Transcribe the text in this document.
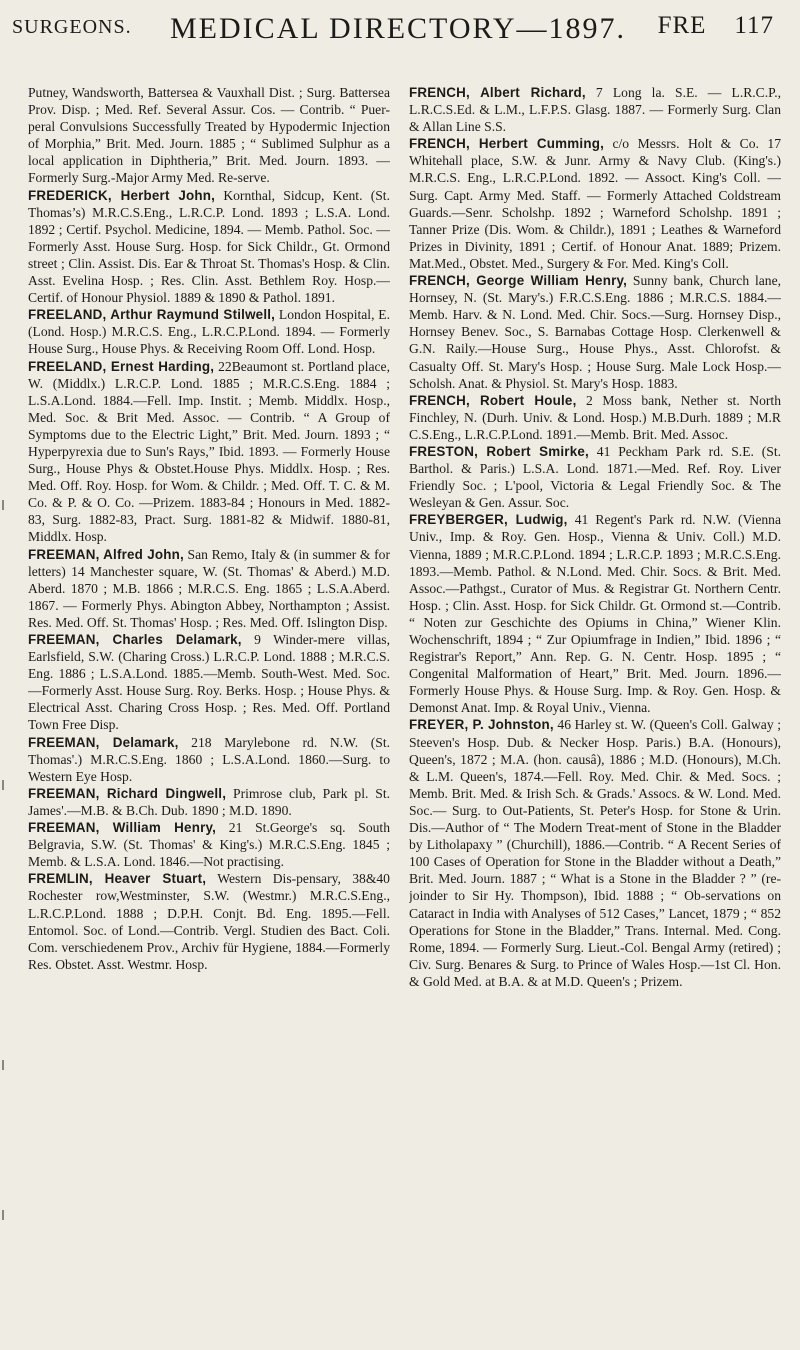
SURGEONS. MEDICAL DIRECTORY—1897. FRE 117

Putney, Wandsworth, Battersea & Vauxhall Dist. ; Surg. Battersea Prov. Disp. ; Med. Ref. Several Assur. Cos. — Contrib. “ Puer-peral Convulsions Successfully Treated by Hypodermic Injection of Morphia,” Brit. Med. Journ. 1885 ; “ Sublimed Sulphur as a local application in Diphtheria,” Brit. Med. Journ. 1893. —Formerly Surg.-Major Army Med. Re-serve.

FREDERICK, Herbert John, Kornthal, Sidcup, Kent. (St. Thomas’s) M.R.C.S.Eng., L.R.C.P. Lond. 1893 ; L.S.A. Lond. 1892 ; Certif. Psychol. Medicine, 1894. — Memb. Pathol. Soc. — Formerly Asst. House Surg. Hosp. for Sick Childr., Gt. Ormond street ; Clin. Assist. Dis. Ear & Throat St. Thomas's Hosp. & Clin. Asst. Evelina Hosp. ; Res. Clin. Asst. Bethlem Roy. Hosp.—Certif. of Honour Physiol. 1889 & 1890 & Pathol. 1891.

FREELAND, Arthur Raymund Stilwell, London Hospital, E. (Lond. Hosp.) M.R.C.S. Eng., L.R.C.P.Lond. 1894. — Formerly House Surg., House Phys. & Receiving Room Off. Lond. Hosp.

FREELAND, Ernest Harding, 22Beaumont st. Portland place, W. (Middlx.) L.R.C.P. Lond. 1885 ; M.R.C.S.Eng. 1884 ; L.S.A.Lond. 1884.—Fell. Imp. Instit. ; Memb. Middlx. Hosp., Med. Soc. & Brit Med. Assoc. — Contrib. “ A Group of Symptoms due to the Electric Light,” Brit. Med. Journ. 1893 ; “ Hyperpyrexia due to Sun's Rays,” Ibid. 1893. — Formerly House Surg., House Phys & Obstet.House Phys. Middlx. Hosp. ; Res. Med. Off. Roy. Hosp. for Wom. & Childr. ; Med. Off. T. C. & M. Co. & P. & O. Co. —Priz​em. 1883-84 ; Honours in Med. 1882-83, Surg. 1882-83, Pract. Surg. 1881-82 & Midwif. 1880-81, Middlx. Hosp.

FREEMAN, Alfred John, San Remo, Italy & (in summer & for letters) 14 Manchester square, W. (St. Thomas' & Aberd.) M.D. Aberd. 1870 ; M.B. 1866 ; M.R.C.S. Eng. 1865 ; L.S.A.Aberd. 1867. — Formerly Phys. Abington Abbey, Northampton ; Assist. Res. Med. Off. St. Thomas' Hosp. ; Res. Med. Off. Islington Disp.

FREEMAN, Charles Delamark, 9 Winder-mere villas, Earlsfield, S.W. (Charing Cross.) L.R.C.P. Lond. 1888 ; M.R.C.S. Eng. 1886 ; L.S.A.Lond. 1885.—Memb. South-West. Med. Soc.—Formerly Asst. House Surg. Roy. Berks. Hosp. ; House Phys. & Electrical Asst. Charing Cross Hosp. ; Res. Med. Off. Portland Town Free Disp.

FREEMAN, Delamark, 218 Marylebone rd. N.W. (St. Thomas'.) M.R.C.S.Eng. 1860 ; L.S.A.Lond. 1860.—Surg. to Western Eye Hosp.

FREEMAN, Richard Dingwell, Primrose club, Park pl. St. James'.—M.B. & B.Ch. Dub. 1890 ; M.D. 1890.

FREEMAN, William Henry, 21 St.George's sq. South Belgravia, S.W. (St. Thomas' & King's.) M.R.C.S.Eng. 1845 ; Memb. & L.S.A. Lond. 1846.—Not practising.

FREMLIN, Heaver Stuart, Western Dis-pensary, 38&40 Rochester row,Westminster, S.W. (Westmr.) M.R.C.S.Eng., L.R.C.P.Lond. 1888 ; D.P.H. Conjt. Bd. Eng. 1895.—Fell. Entomol. Soc. of Lond.—Contrib. Vergl. Studien des Bact. Coli. Com. verschiedenem Prov., Archiv für Hygiene, 1884.—Formerly Res. Obstet. Asst. Westmr. Hosp.

FRENCH, Albert Richard, 7 Long la. S.E. — L.R.C.P., L.R.C.S.Ed. & L.M., L.F.P.S. Glasg. 1887. — Formerly Surg. Clan & Allan Line S.S.

FRENCH, Herbert Cumming, c/o Messrs. Holt & Co. 17 Whitehall place, S.W. & Junr. Army & Navy Club. (King's.) M.R.C.S. Eng., L.R.C.P.Lond. 1892. — Assoct. King's Coll. — Surg. Capt. Army Med. Staff. — Formerly Attached Coldstream Guards.—Senr. Scholshp. 1892 ; Warneford Scholshp. 1891 ; Tanner Prize (Dis. Wom. & Childr.), 1891 ; Leathes & Warneford Prizes in Divinity, 1891 ; Certif. of Honour Anat. 1889; Prizem. Mat.Med., Obstet. Med., Surgery & For. Med. King's Coll.

FRENCH, George William Henry, Sunny bank, Church lane, Hornsey, N. (St. Mary's.) F.R.C.S.Eng. 1886 ; M.R.C.S. 1884.—Memb. Harv. & N. Lond. Med. Chir. Socs.—Surg. Hornsey Disp., Hornsey Benev. Soc., S. Barnabas Cottage Hosp. Clerkenwell & G.N. Raily.—House Surg., House Phys., Asst. Chlorofst. & Casualty Off. St. Mary's Hosp. ; House Surg. Male Lock Hosp.—Scholsh. Anat. & Physiol. St. Mary's Hosp. 1883.

FRENCH, Robert Houle, 2 Moss bank, Nether st. North Finchley, N. (Durh. Univ. & Lond. Hosp.) M.B.Durh. 1889 ; M.R C.S.Eng., L.R.C.P.Lond. 1891.—Memb. Brit. Med. Assoc.

FRESTON, Robert Smirke, 41 Peckham Park rd. S.E. (St. Barthol. & Paris.) L.S.A. Lond. 1871.—Med. Ref. Roy. Liver Friendly Soc. ; L'pool, Victoria & Legal Friendly Soc. & The Wesleyan & Gen. Assur. Soc.

FREYBERGER, Ludwig, 41 Regent's Park rd. N.W. (Vienna Univ., Imp. & Roy. Gen. Hosp., Vienna & Univ. Coll.) M.D. Vienna, 1889 ; M.R.C.P.Lond. 1894 ; L.R.C.P. 1893 ; M.R.C.S.Eng. 1893.—Memb. Pathol. & N.Lond. Med. Chir. Socs. & Brit. Med. Assoc.—Pathgst., Curator of Mus. & Registrar Gt. Northern Centr. Hosp. ; Clin. Asst. Hosp. for Sick Childr. Gt. Ormond st.—Contrib. “ Noten zur Geschichte des Opiums in China,” Wiener Klin. Wochenschrift, 1894 ; “ Zur Opiumfrage in Indien,” Ibid. 1896 ; “ Registrar's Report,” Ann. Rep. G. N. Centr. Hosp. 1895 ; “ Congenital Malformation of Heart,” Brit. Med. Journ. 1896.—Formerly House Phys. & House Surg. Imp. & Roy. Gen. Hosp. & Demonst Anat. Imp. & Royal Univ., Vienna.

FREYER, P. Johnston, 46 Harley st. W. (Queen's Coll. Galway ; Steeven's Hosp. Dub. & Necker Hosp. Paris.) B.A. (Honours), Queen's, 1872 ; M.A. (hon. causâ), 1886 ; M.D. (Honours), M.Ch. & L.M. Queen's, 1874.—Fell. Roy. Med. Chir. & Med. Socs. ; Memb. Brit. Med. & Irish Sch. & Grads.' Assocs. & W. Lond. Med. Soc.— Surg. to Out-Patients, St. Peter's Hosp. for Stone & Urin. Dis.—Author of “ The Modern Treat-ment of Stone in the Bladder by Litholapaxy ” (Churchill), 1886.—Contrib. “ A Recent Series of 100 Cases of Operation for Stone in the Bladder without a Death,” Brit. Med. Journ. 1887 ; “ What is a Stone in the Bladder ? ” (re-joinder to Sir Hy. Thompson), Ibid. 1888 ; “ Ob-servations on Cataract in India with Analyses of 512 Cases,” Lancet, 1879 ; “ 852 Operations for Stone in the Bladder,” Trans. Internal. Med. Cong. Rome, 1894. — Formerly Surg. Lieut.-Col. Bengal Army (retired) ; Civ. Surg. Benares & Surg. to Prince of Wales Hosp.—1st Cl. Hon. & Gold Med. at B.A. & at M.D. Queen's ; Prizem.
